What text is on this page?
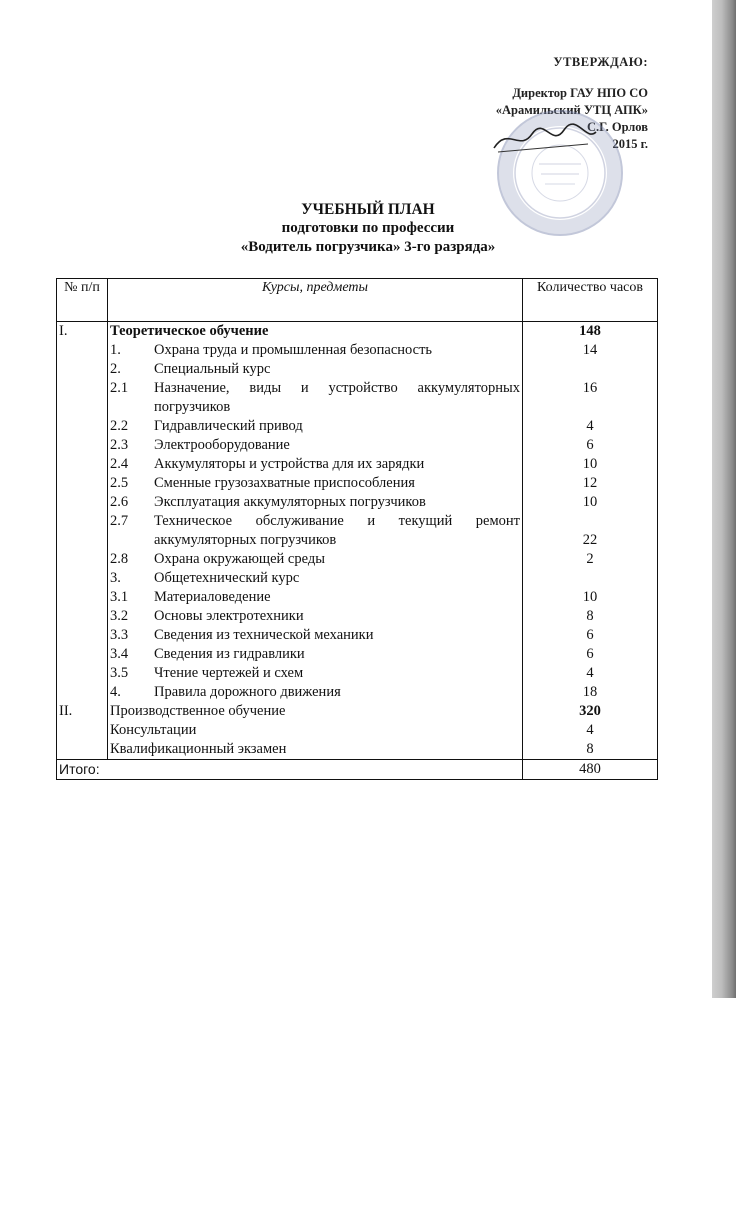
УТВЕРЖДАЮ:
Директор ГАУ НПО СО
«Арамильский УТЦ АПК»
С.Г. Орлов
2015 г.
УЧЕБНЫЙ ПЛАН
подготовки по профессии
«Водитель погрузчика» 3-го разряда»
№ п/п	Курсы, предметы	Количество часов
I.	Теоретическое обучение	148

	1. Охрана труда и промышленная безопасность	14

	2. Специальный курс	

	2.1 Назначение, виды и устройство аккумуляторных погрузчиков	16

	2.2 Гидравлический привод	4

	2.3 Электрооборудование	6

	2.4 Аккумуляторы и устройства для их зарядки	10

	2.5 Сменные грузозахватные приспособления	12

	2.6 Эксплуатация аккумуляторных погрузчиков	10

	2.7 Техническое обслуживание и текущий ремонт аккумуляторных погрузчиков	22

	2.8 Охрана окружающей среды	2

	3. Общетехнический курс	

	3.1 Материаловедение	10

	3.2 Основы электротехники	8

	3.3 Сведения из технической механики	6

	3.4 Сведения из гидравлики	6

	3.5 Чтение чертежей и схем	4

	4. Правила дорожного движения	18
II.	Производственное обучение	320
	Консультации	4
	Квалификационный экзамен	8
Итого:		480
